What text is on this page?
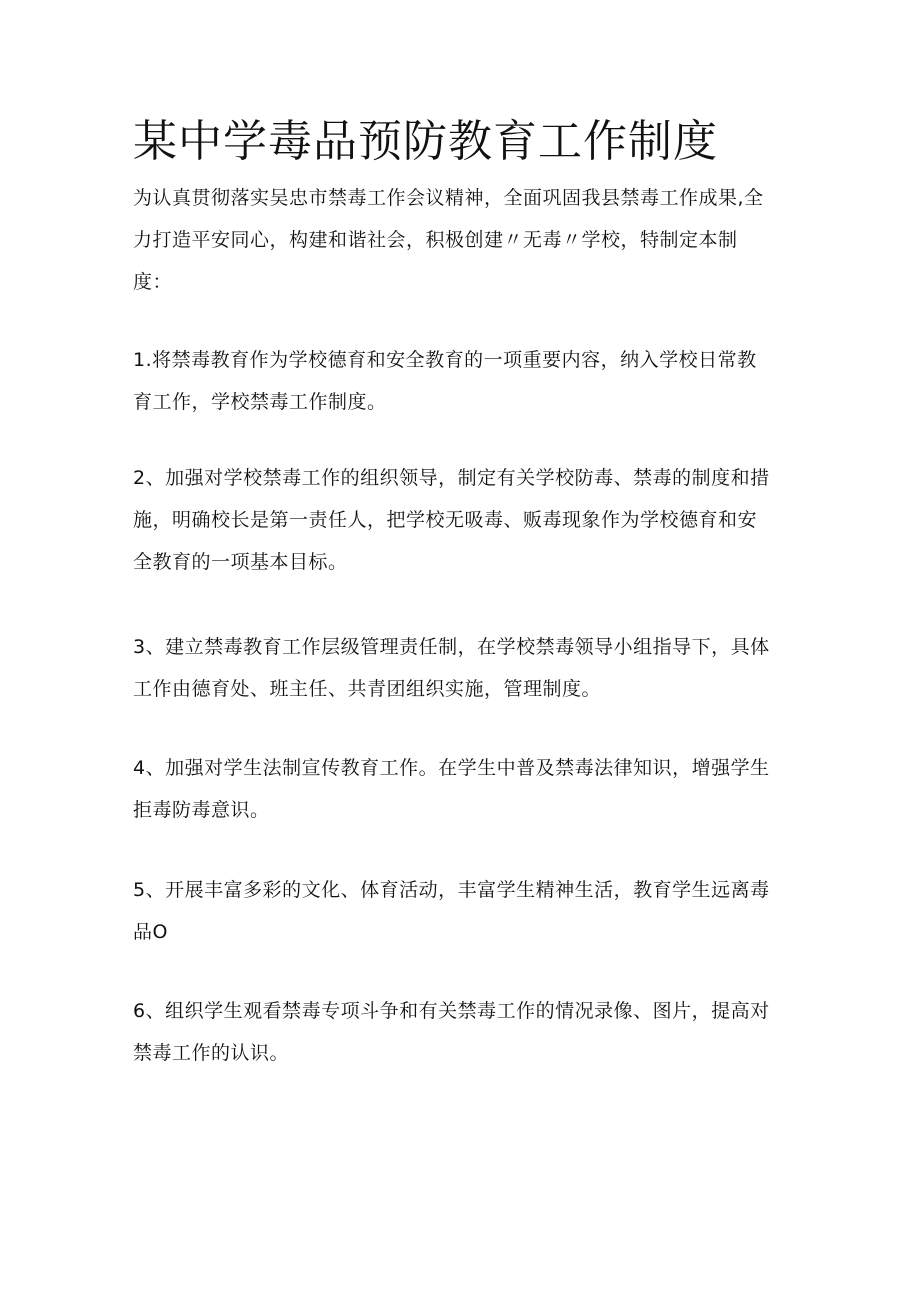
某中学毒品预防教育工作制度

为认真贯彻落实吴忠市禁毒工作会议精神，全面巩固我县禁毒工作成果,全
力打造平安同心，构建和谐社会，积极创建〃无毒〃学校，特制定本制
度：

1.将禁毒教育作为学校德育和安全教育的一项重要内容，纳入学校日常教
育工作，学校禁毒工作制度。

2、加强对学校禁毒工作的组织领导，制定有关学校防毒、禁毒的制度和措
施，明确校长是第一责任人，把学校无吸毒、贩毒现象作为学校德育和安
全教育的一项基本目标。

3、建立禁毒教育工作层级管理责任制，在学校禁毒领导小组指导下，具体
工作由德育处、班主任、共青团组织实施，管理制度。

4、加强对学生法制宣传教育工作。在学生中普及禁毒法律知识，增强学生
拒毒防毒意识。

5、开展丰富多彩的文化、体育活动，丰富学生精神生活，教育学生远离毒
品O

6、组织学生观看禁毒专项斗争和有关禁毒工作的情况录像、图片，提高对
禁毒工作的认识。
